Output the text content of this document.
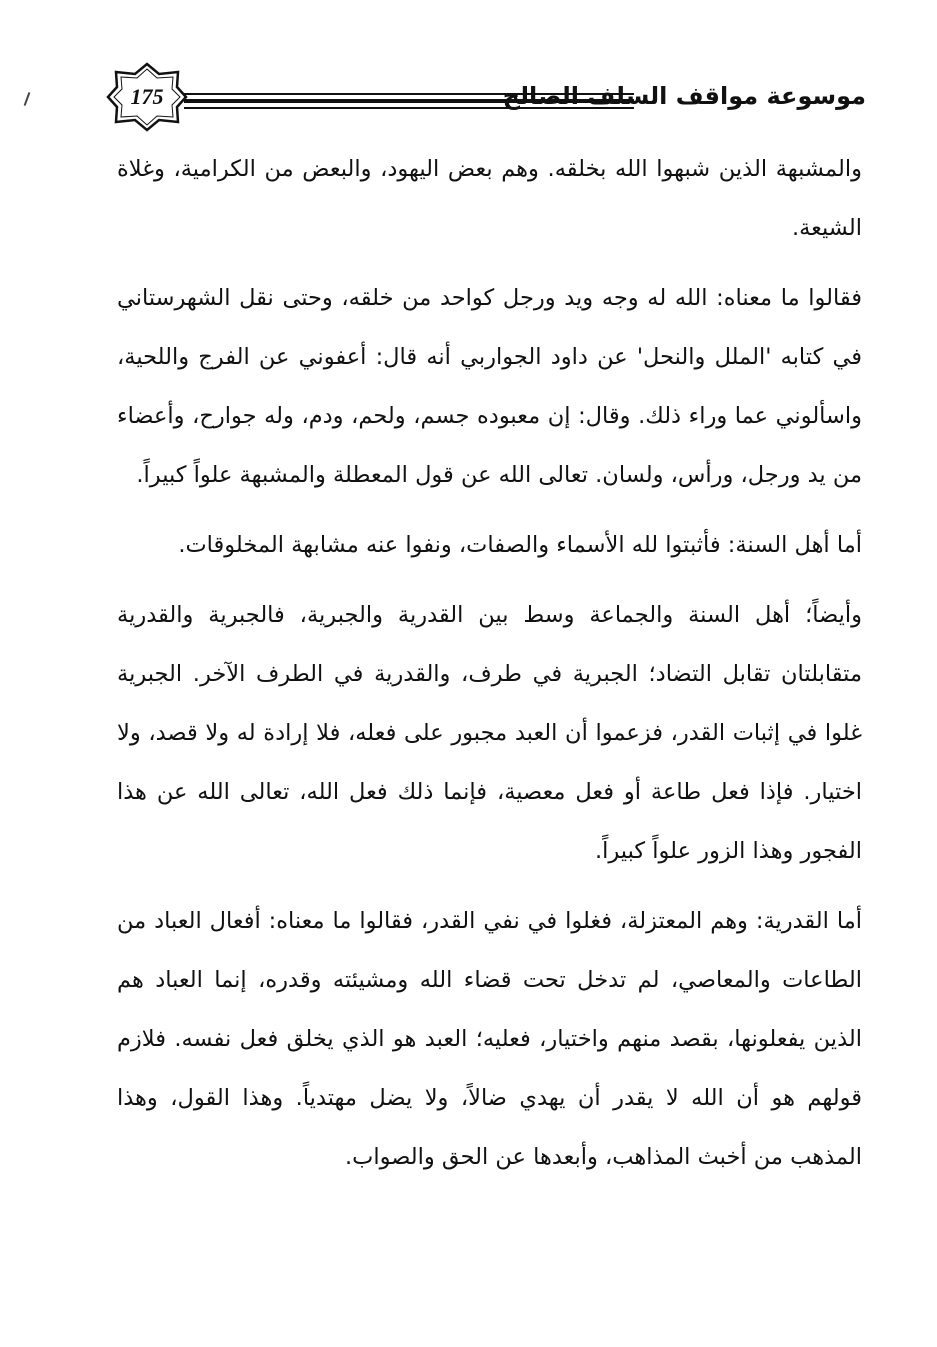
175	موسوعة مواقف السلف الصالح

والمشبهة الذين شبهوا الله بخلقه. وهم بعض اليهود، والبعض من الكرامية، وغلاة الشيعة.

فقالوا ما معناه: الله له وجه ويد ورجل كواحد من خلقه، وحتى نقل الشهرستاني في كتابه 'الملل والنحل' عن داود الجواربي أنه قال: أعفوني عن الفرج واللحية، واسألوني عما وراء ذلك. وقال: إن معبوده جسم، ولحم، ودم، وله جوارح، وأعضاء من يد ورجل، ورأس، ولسان. تعالى الله عن قول المعطلة والمشبهة علواً كبيراً.

أما أهل السنة: فأثبتوا لله الأسماء والصفات، ونفوا عنه مشابهة المخلوقات.

وأيضاً؛ أهل السنة والجماعة وسط بين القدرية والجبرية، فالجبرية والقدرية متقابلتان تقابل التضاد؛ الجبرية في طرف، والقدرية في الطرف الآخر. الجبرية غلوا في إثبات القدر، فزعموا أن العبد مجبور على فعله، فلا إرادة له ولا قصد، ولا اختيار. فإذا فعل طاعة أو فعل معصية، فإنما ذلك فعل الله، تعالى الله عن هذا الفجور وهذا الزور علواً كبيراً.

أما القدرية: وهم المعتزلة، فغلوا في نفي القدر، فقالوا ما معناه: أفعال العباد من الطاعات والمعاصي، لم تدخل تحت قضاء الله ومشيئته وقدره، إنما العباد هم الذين يفعلونها، بقصد منهم واختيار، فعليه؛ العبد هو الذي يخلق فعل نفسه. فلازم قولهم هو أن الله لا يقدر أن يهدي ضالاً، ولا يضل مهتدياً. وهذا القول، وهذا المذهب من أخبث المذاهب، وأبعدها عن الحق والصواب.
